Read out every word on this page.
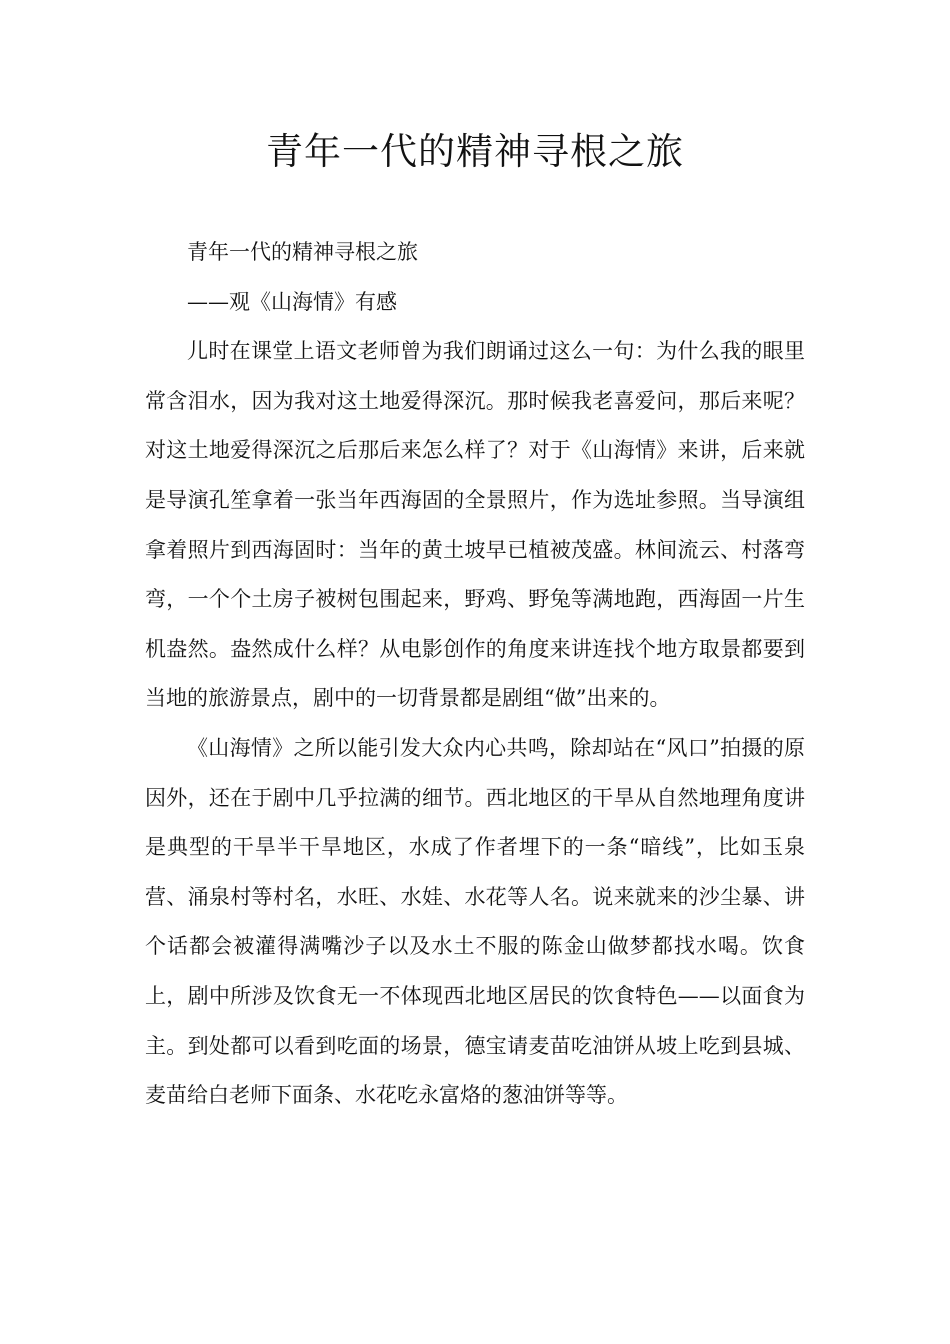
青年一代的精神寻根之旅

青年一代的精神寻根之旅

——观《山海情》有感

儿时在课堂上语文老师曾为我们朗诵过这么一句：为什么我的眼里常含泪水，因为我对这土地爱得深沉。那时候我老喜爱问，那后来呢？对这土地爱得深沉之后那后来怎么样了？对于《山海情》来讲，后来就是导演孔笙拿着一张当年西海固的全景照片，作为选址参照。当导演组拿着照片到西海固时：当年的黄土坡早已植被茂盛。林间流云、村落弯弯，一个个土房子被树包围起来，野鸡、野兔等满地跑，西海固一片生机盎然。盎然成什么样？从电影创作的角度来讲连找个地方取景都要到当地的旅游景点，剧中的一切背景都是剧组“做”出来的。

《山海情》之所以能引发大众内心共鸣，除却站在“风口”拍摄的原因外，还在于剧中几乎拉满的细节。西北地区的干旱从自然地理角度讲是典型的干旱半干旱地区，水成了作者埋下的一条“暗线”，比如玉泉营、涌泉村等村名，水旺、水娃、水花等人名。说来就来的沙尘暴、讲个话都会被灌得满嘴沙子以及水土不服的陈金山做梦都找水喝。饮食上，剧中所涉及饮食无一不体现西北地区居民的饮食特色——以面食为主。到处都可以看到吃面的场景，德宝请麦苗吃油饼从坡上吃到县城、麦苗给白老师下面条、水花吃永富烙的葱油饼等等。
